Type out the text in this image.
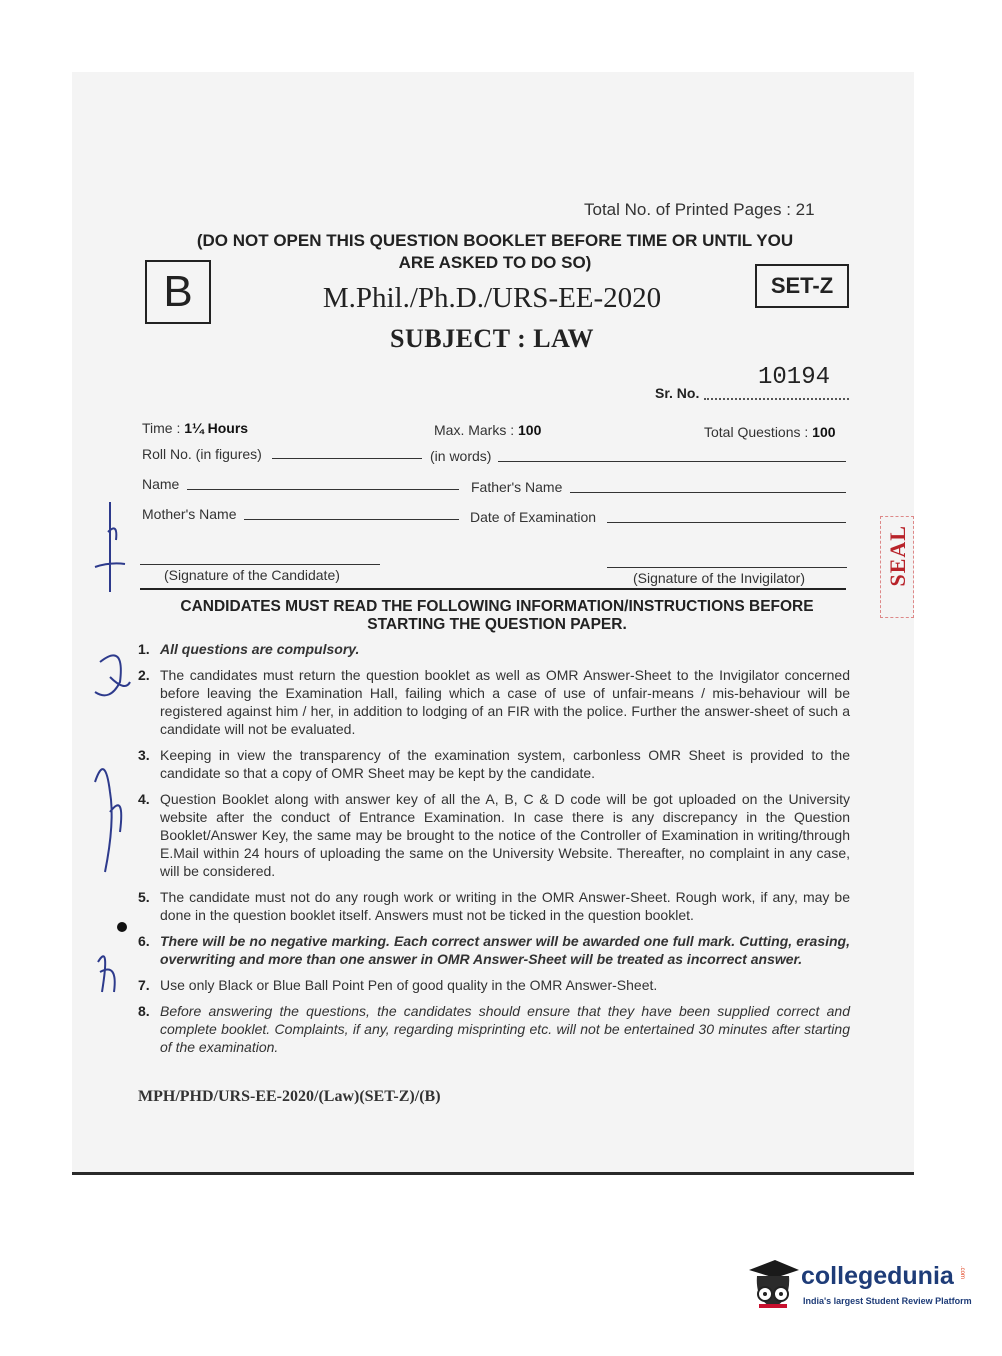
Total No. of Printed Pages : 21
(DO NOT OPEN THIS QUESTION BOOKLET BEFORE TIME OR UNTIL YOU
ARE ASKED TO DO SO)
B	SET-Z
M.Phil./Ph.D./URS-EE-2020
SUBJECT : LAW
10194
Sr. No.
Time : 1¼ Hours	Max. Marks : 100	Total Questions : 100
Roll No. (in figures)	(in words)
Name	Father's Name
Mother's Name	Date of Examination
(Signature of the Candidate)	(Signature of the Invigilator)
CANDIDATES MUST READ THE FOLLOWING INFORMATION/INSTRUCTIONS BEFORE
STARTING THE QUESTION PAPER.
1. All questions are compulsory.
2. The candidates must return the question booklet as well as OMR Answer-Sheet to the Invigilator concerned before leaving the Examination Hall, failing which a case of use of unfair-means / mis-behaviour will be registered against him / her, in addition to lodging of an FIR with the police. Further the answer-sheet of such a candidate will not be evaluated.
3. Keeping in view the transparency of the examination system, carbonless OMR Sheet is provided to the candidate so that a copy of OMR Sheet may be kept by the candidate.
4. Question Booklet along with answer key of all the A, B, C & D code will be got uploaded on the University website after the conduct of Entrance Examination. In case there is any discrepancy in the Question Booklet/Answer Key, the same may be brought to the notice of the Controller of Examination in writing/through E.Mail within 24 hours of uploading the same on the University Website. Thereafter, no complaint in any case, will be considered.
5. The candidate must not do any rough work or writing in the OMR Answer-Sheet. Rough work, if any, may be done in the question booklet itself. Answers must not be ticked in the question booklet.
6. There will be no negative marking. Each correct answer will be awarded one full mark. Cutting, erasing, overwriting and more than one answer in OMR Answer-Sheet will be treated as incorrect answer.
7. Use only Black or Blue Ball Point Pen of good quality in the OMR Answer-Sheet.
8. Before answering the questions, the candidates should ensure that they have been supplied correct and complete booklet. Complaints, if any, regarding misprinting etc. will not be entertained 30 minutes after starting of the examination.
MPH/PHD/URS-EE-2020/(Law)(SET-Z)/(B)
SEAL
collegedunia .com
India's largest Student Review Platform
